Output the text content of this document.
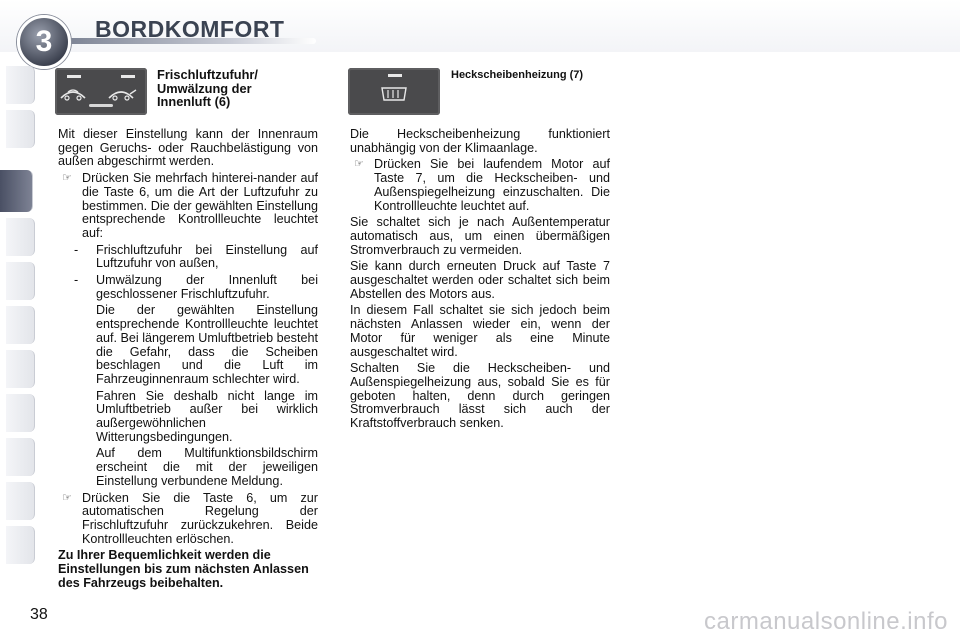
3	BORDKOMFORT
Frischluftzufuhr/ Umwälzung der Innenluft (6)
Heckscheibenheizung (7)

Mit dieser Einstellung kann der Innenraum gegen Geruchs- oder Rauchbelästigung von außen abgeschirmt werden.

☞ Drücken Sie mehrfach hinterei-nander auf die Taste 6, um die Art der Luftzufuhr zu bestimmen. Die der gewählten Einstellung entsprechende Kontrollleuchte leuchtet auf:
-	Frischluftzufuhr bei Einstellung auf Luftzufuhr von außen,
-	Umwälzung der Innenluft bei geschlossener Frischluftzufuhr.

Die der gewählten Einstellung entsprechende Kontrollleuchte leuchtet auf. Bei längerem Umluftbetrieb besteht die Gefahr, dass die Scheiben beschlagen und die Luft im Fahrzeuginnenraum schlechter wird.

Fahren Sie deshalb nicht lange im Umluftbetrieb außer bei wirklich außergewöhnlichen Witterungsbedingungen.

Auf dem Multifunktionsbildschirm erscheint die mit der jeweiligen Einstellung verbundene Meldung.

☞ Drücken Sie die Taste 6, um zur automatischen Regelung der Frischluftzufuhr zurückzukehren. Beide Kontrollleuchten erlöschen.

Zu Ihrer Bequemlichkeit werden die Einstellungen bis zum nächsten Anlassen des Fahrzeugs beibehalten.

Die Heckscheibenheizung funktioniert unabhängig von der Klimaanlage.

☞ Drücken Sie bei laufendem Motor auf Taste 7, um die Heckscheiben- und Außenspiegelheizung einzuschalten. Die Kontrollleuchte leuchtet auf.

Sie schaltet sich je nach Außentemperatur automatisch aus, um einen übermäßigen Stromverbrauch zu vermeiden.

Sie kann durch erneuten Druck auf Taste 7 ausgeschaltet werden oder schaltet sich beim Abstellen des Motors aus.

In diesem Fall schaltet sie sich jedoch beim nächsten Anlassen wieder ein, wenn der Motor für weniger als eine Minute ausgeschaltet wird.

Schalten Sie die Heckscheiben- und Außenspiegelheizung aus, sobald Sie es für geboten halten, denn durch geringen Stromverbrauch lässt sich auch der Kraftstoffverbrauch senken.

38	carmanualsonline.info
